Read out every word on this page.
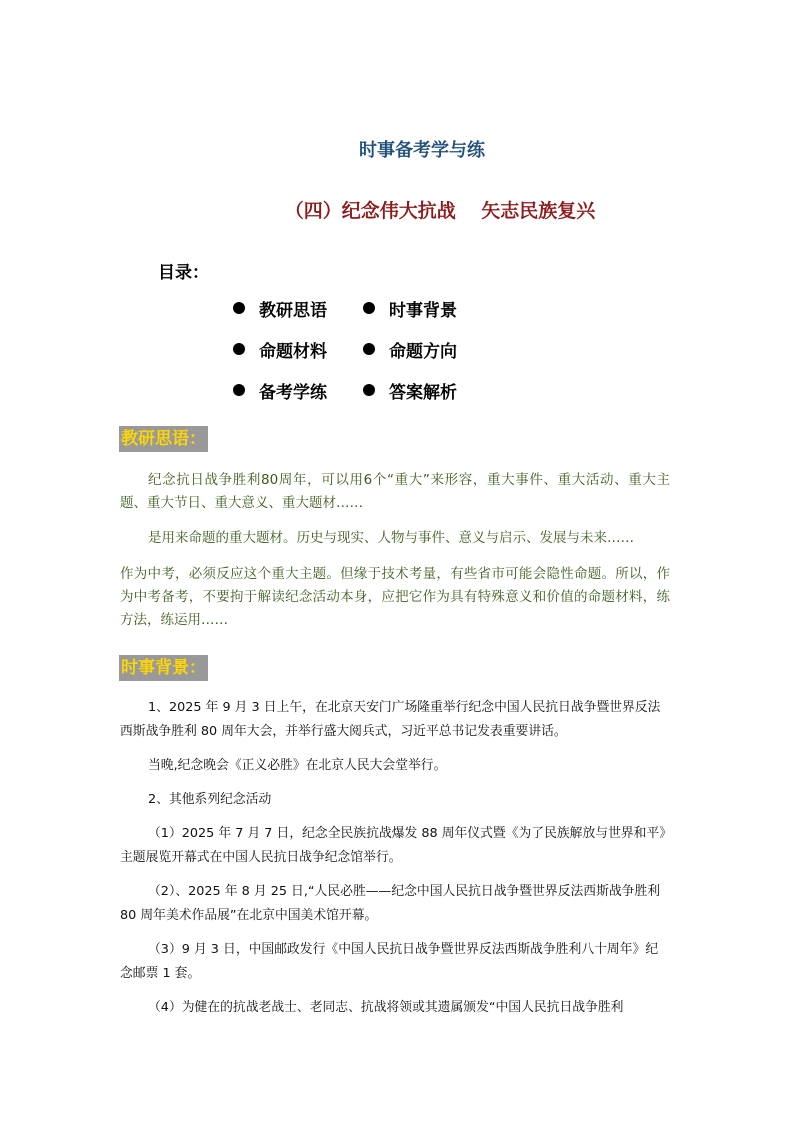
时事备考学与练
（四）纪念伟大抗战　 矢志民族复兴
目录：
教研思语	时事背景
命题材料	命题方向
备考学练	答案解析
教研思语：
纪念抗日战争胜利80周年，可以用6个“重大”来形容，重大事件、重大活动、重大主题、重大节日、重大意义、重大题材……
是用来命题的重大题材。历史与现实、人物与事件、意义与启示、发展与未来……
作为中考，必须反应这个重大主题。但缘于技术考量，有些省市可能会隐性命题。所以，作为中考备考，不要拘于解读纪念活动本身，应把它作为具有特殊意义和价值的命题材料，练方法，练运用……
时事背景：

1、2025 年 9 月 3 日上午，在北京天安门广场隆重举行纪念中国人民抗日战争暨世界反法西斯战争胜利 80 周年大会，并举行盛大阅兵式，习近平总书记发表重要讲话。

当晚,纪念晚会《正义必胜》在北京人民大会堂举行。

2、其他系列纪念活动

（1）2025 年 7 月 7 日，纪念全民族抗战爆发 88 周年仪式暨《为了民族解放与世界和平》主题展览开幕式在中国人民抗日战争纪念馆举行。

（2）、2025 年 8 月 25 日,“人民必胜——纪念中国人民抗日战争暨世界反法西斯战争胜利 80 周年美术作品展”在北京中国美术馆开幕。

（3）9 月 3 日，中国邮政发行《中国人民抗日战争暨世界反法西斯战争胜利八十周年》纪念邮票 1 套。

（4）为健在的抗战老战士、老同志、抗战将领或其遗属颁发“中国人民抗日战争胜利
